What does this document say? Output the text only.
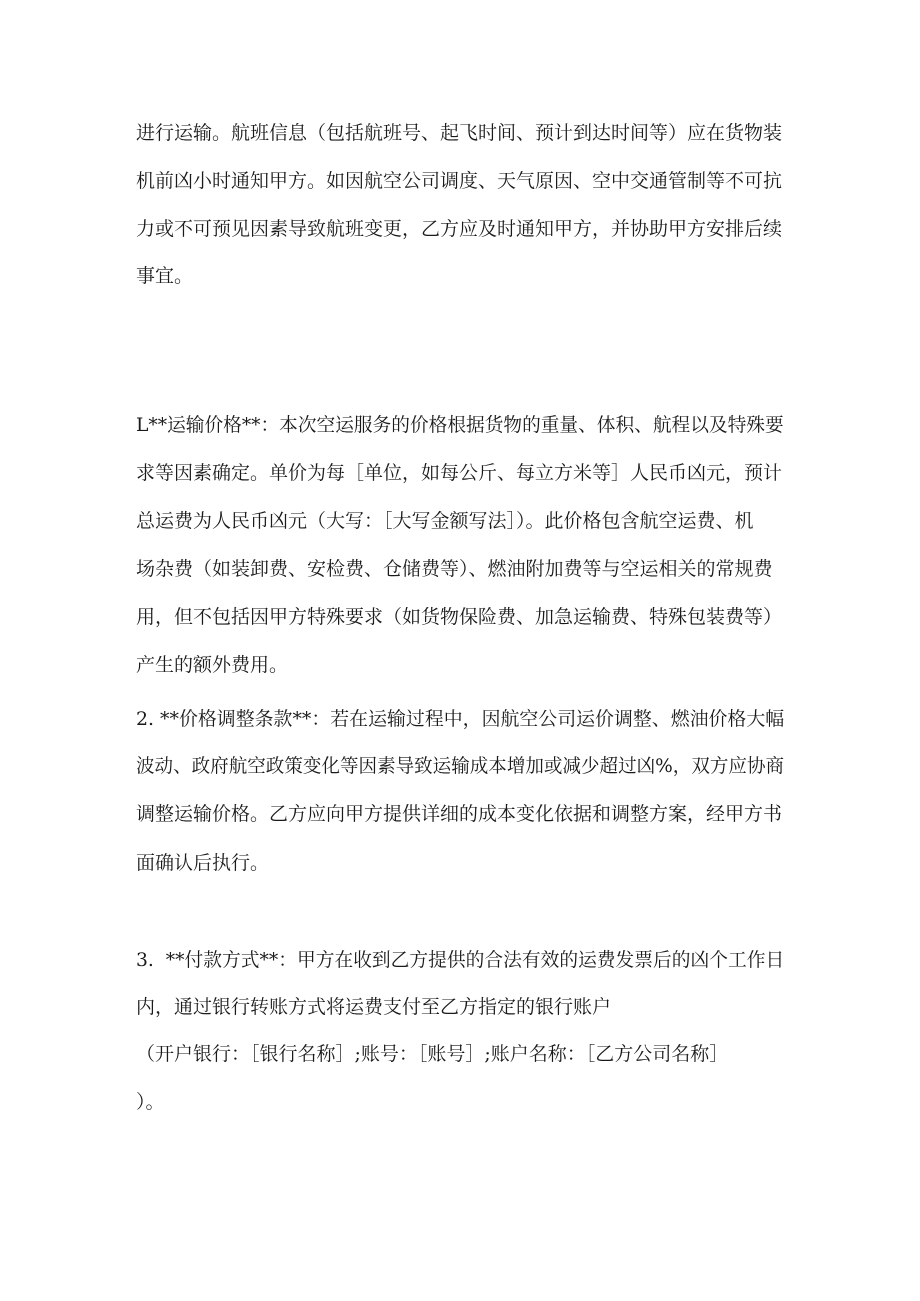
进行运输。航班信息（包括航班号、起飞时间、预计到达时间等）应在货物装
机前凶小时通知甲方。如因航空公司调度、天气原因、空中交通管制等不可抗
力或不可预见因素导致航班变更，乙方应及时通知甲方，并协助甲方安排后续
事宜。
L**运输价格**：本次空运服务的价格根据货物的重量、体积、航程以及特殊要
求等因素确定。单价为每［单位，如每公斤、每立方米等］人民币凶元，预计
总运费为人民币凶元（大写：［大写金额写法］）。此价格包含航空运费、机
场杂费（如装卸费、安检费、仓储费等）、燃油附加费等与空运相关的常规费
用，但不包括因甲方特殊要求（如货物保险费、加急运输费、特殊包装费等）
产生的额外费用。
2. **价格调整条款**：若在运输过程中，因航空公司运价调整、燃油价格大幅
波动、政府航空政策变化等因素导致运输成本增加或减少超过凶%，双方应协商
调整运输价格。乙方应向甲方提供详细的成本变化依据和调整方案，经甲方书
面确认后执行。
3.  **付款方式**：甲方在收到乙方提供的合法有效的运费发票后的凶个工作日
内，通过银行转账方式将运费支付至乙方指定的银行账户
（开户银行：［银行名称］;账号：［账号］;账户名称：［乙方公司名称］
）。
